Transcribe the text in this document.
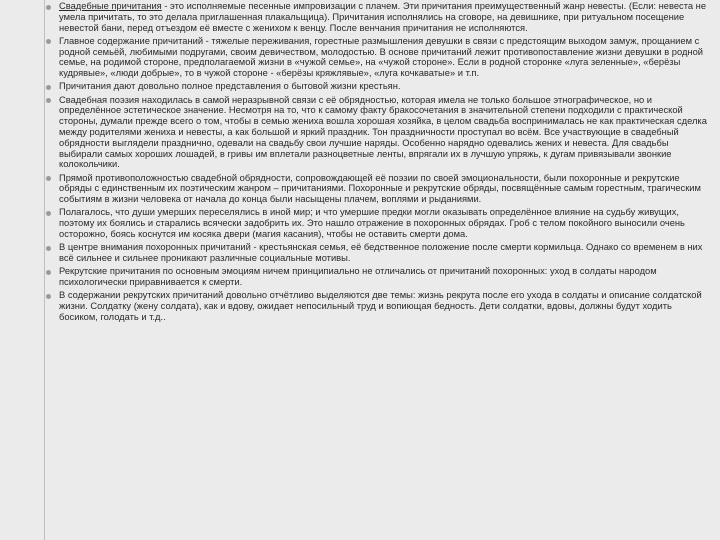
Свадебные причитания - это исполняемые песенные импровизации с плачем. Эти причитания преимущественный жанр невесты. (Если: невеста не умела причитать, то это делала приглашенная плакальщица). Причитания исполнялись на сговоре, на девишнике, при ритуальном посещение невестой бани, перед отъездом её вместе с женихом к венцу. После венчания причитания не исполняются.
Главное содержание причитаний - тяжелые переживания, горестные размышления девушки в связи с предстоящим выходом замуж, прощанием с родной семьёй, любимыми подругами, своим девичеством, молодостью. В основе причитаний лежит противопоставление жизни девушки в родной семье, на родимой стороне, предполагаемой жизни в «чужой семье», на «чужой стороне». Если в родной сторонке «луга зеленные», «берёзы кудрявые», «люди добрые», то в чужой стороне - «берёзы кряжлявые», «луга кочкаватые» и т.п.
Причитания дают довольно полное представления о бытовой жизни крестьян.
Свадебная поэзия находилась в самой неразрывной связи с её обрядностью, которая имела не только большое этнографическое, но и определённое эстетическое значение. Несмотря на то, что к самому факту бракосочетания в значительной степени подходили с практической стороны, думали прежде всего о том, чтобы в семью жениха вошла хорошая хозяйка, в целом свадьба воспринималась не как практическая сделка между родителями жениха и невесты, а как большой и яркий праздник. Тон праздничности проступал во всём. Все участвующие в свадебный обрядности выглядели празднично, одевали на свадьбу свои лучшие наряды. Особенно нарядно одевались жених и невеста. Для свадьбы выбирали самых хороших лошадей, в гривы им вплетали разноцветные ленты, впрягали их в лучшую упряжь, к дугам привязывали звонкие колокольчики.
Прямой противоположностью свадебной обрядности, сопровождающей её поэзии по своей эмоциональности, были похоронные и рекрутские обряды с единственным их поэтическим жанром – причитаниями. Похоронные и рекрутские обряды, посвящённые самым горестным, трагическим событиям в жизни человека от начала до конца были насыщены плачем, воплями и рыданиями.
Полагалось, что души умерших переселялись в иной мир; и что умершие предки могли оказывать определённое влияние на судьбу живущих, поэтому их боялись и старались всячески задобрить их. Это нашло отражение в похоронных обрядах. Гроб с телом покойного выносили очень осторожно, боясь коснутся им косяка двери (магия касания), чтобы не оставить смерти дома.
В центре внимания похоронных причитаний - крестьянская семья, её бедственное положение после смерти кормильца. Однако со временем в них всё сильнее и сильнее проникают различные социальные мотивы.
Рекрутские причитания по основным эмоциям ничем принципиально не отличались от причитаний похоронных: уход в солдаты народом психологически приравнивается к смерти.
В содержании рекрутских причитаний довольно отчётливо выделяются две темы: жизнь рекрута после его ухода в солдаты и описание солдатской жизни. Солдатку (жену солдата), как и вдову, ожидает непосильный труд и вопиющая бедность. Дети солдатки, вдовы, должны будут ходить босиком, голодать и т.д..
